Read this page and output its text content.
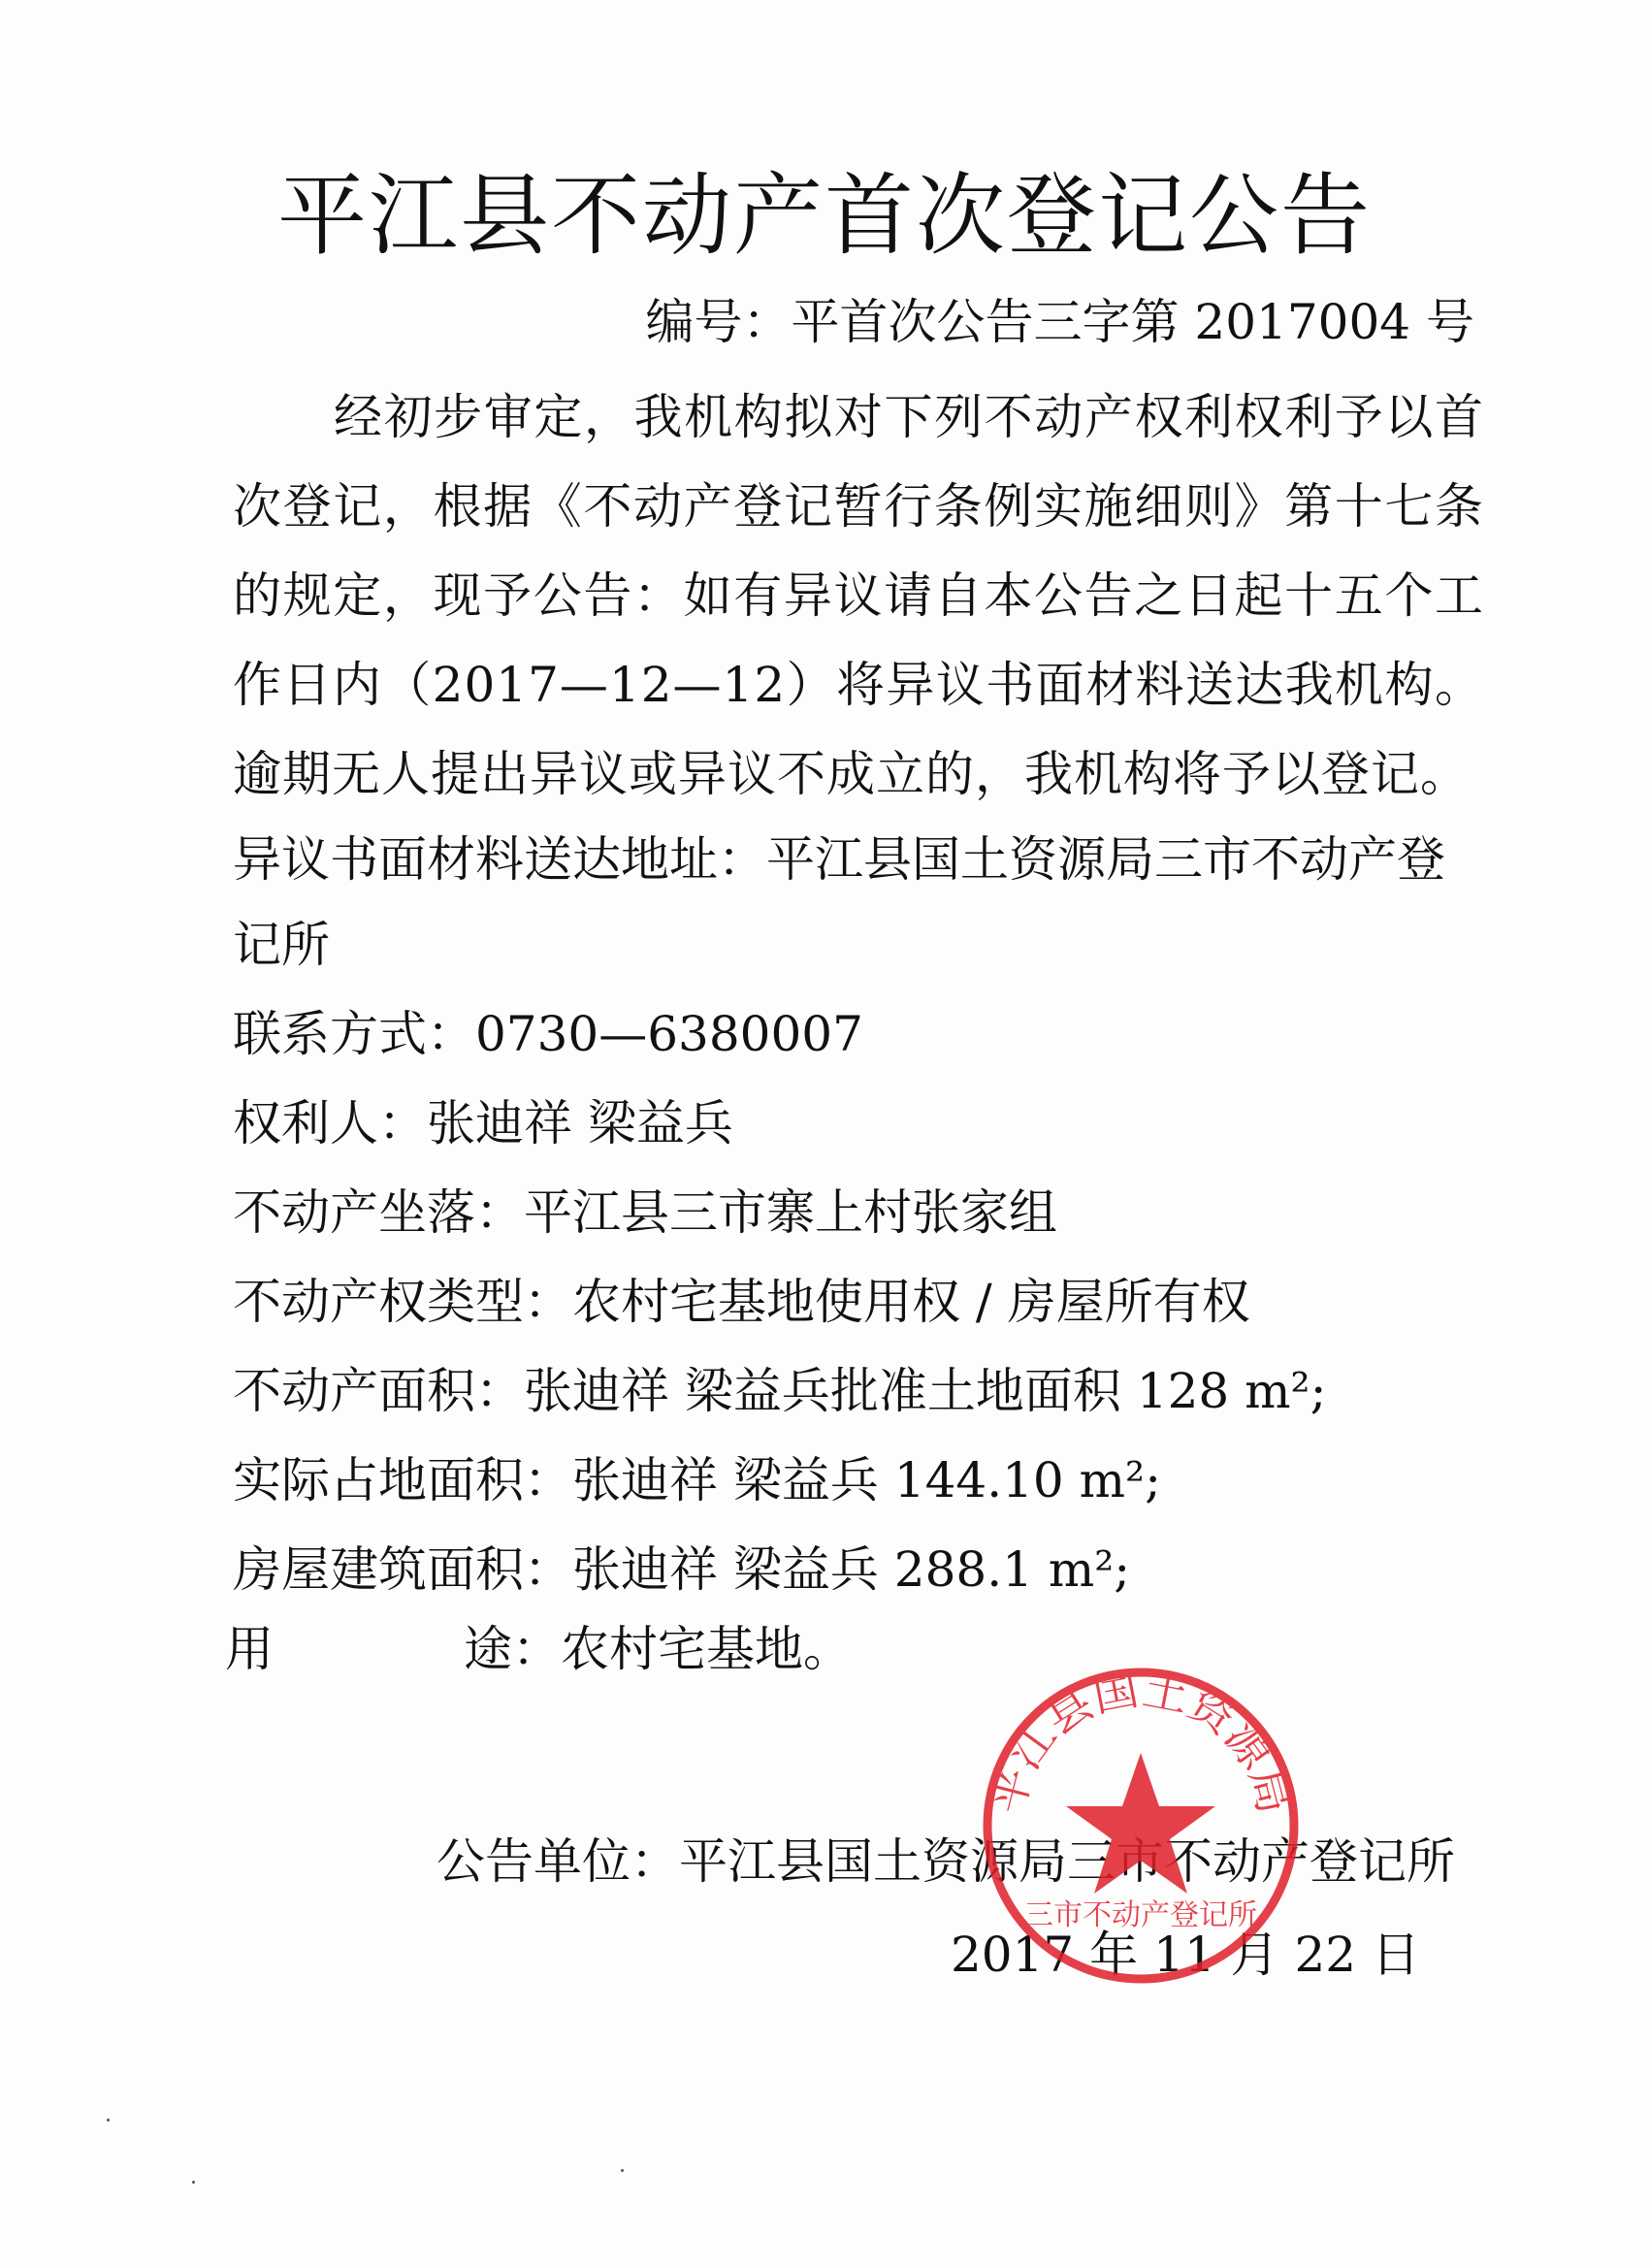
平江县不动产首次登记公告
编号：平首次公告三字第 2017004 号

经初步审定，我机构拟对下列不动产权利权利予以首次登记，根据《不动产登记暂行条例实施细则》第十七条的规定，现予公告：如有异议请自本公告之日起十五个工作日内（2017—12—12）将异议书面材料送达我机构。逾期无人提出异议或异议不成立的，我机构将予以登记。

异议书面材料送达地址：平江县国土资源局三市不动产登记所
联系方式：0730—6380007
权利人：张迪祥 梁益兵
不动产坐落：平江县三市寨上村张家组
不动产权类型：农村宅基地使用权 / 房屋所有权
不动产面积：张迪祥 梁益兵批准土地面积 128 m²;
实际占地面积：张迪祥 梁益兵 144.10 m²;
房屋建筑面积：张迪祥 梁益兵 288.1 m²;
用	途：农村宅基地。
公告单位：平江县国土资源局三市不动产登记所
2017 年 11 月 22 日
平江县国土资源局
三市不动产登记所
